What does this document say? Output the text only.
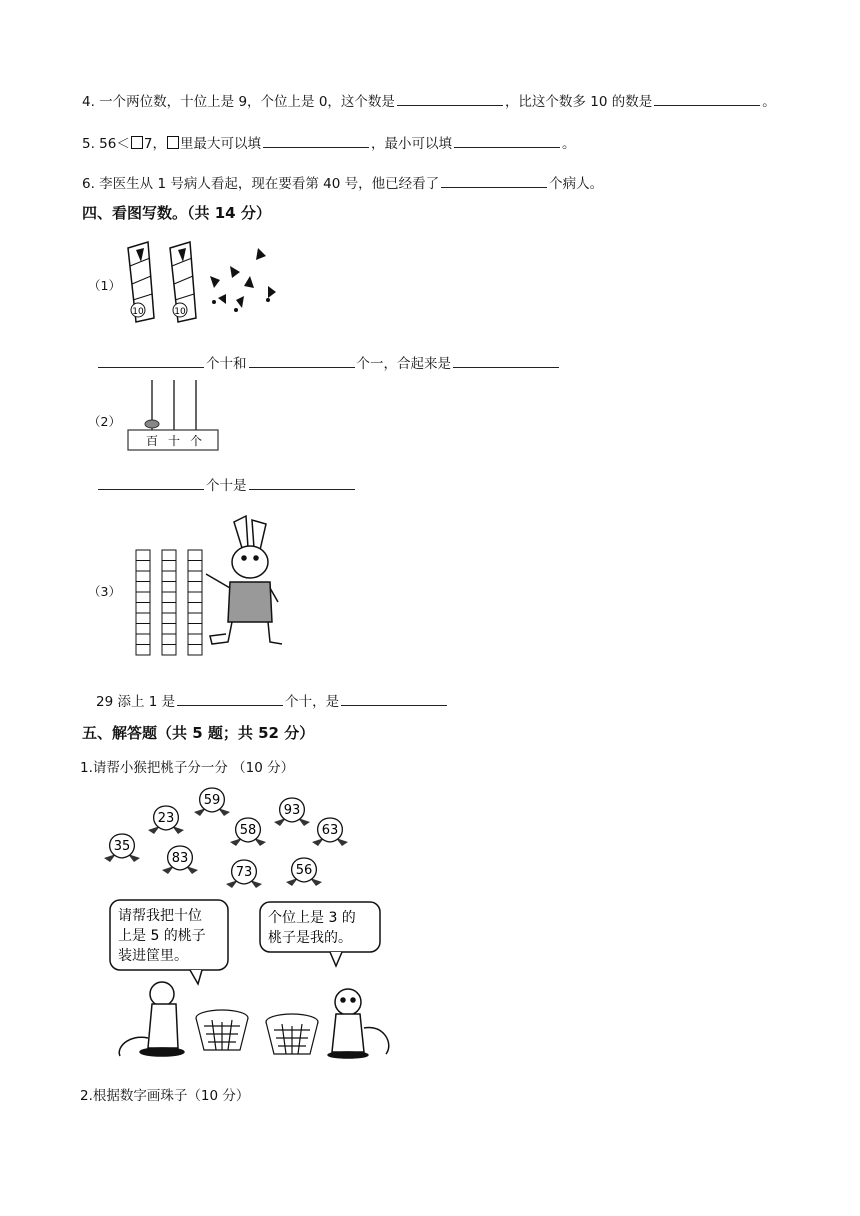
4. 一个两位数，十位上是 9，个位上是 0，这个数是	，比这个数多 10 的数是	。
5. 56＜ 7， 里最大可以填	，最小可以填	。
6. 李医生从 1 号病人看起，现在要看第 40 号，他已经看了	个病人。
四、看图写数。（共 14 分）
（1）
10	10
个十和	个一，合起来是
（2）
百 十 个
个十是
（3）
29 添上 1 是	个十，是
五、解答题（共 5 题；共 52 分）
1.请帮小猴把桃子分一分 （10 分）
23
59
93
58	63
35
83
73	56
请帮我把十位
上是 5 的桃子
装进筐里。
个位上是 3 的
桃子是我的。
2.根据数字画珠子（10 分）
